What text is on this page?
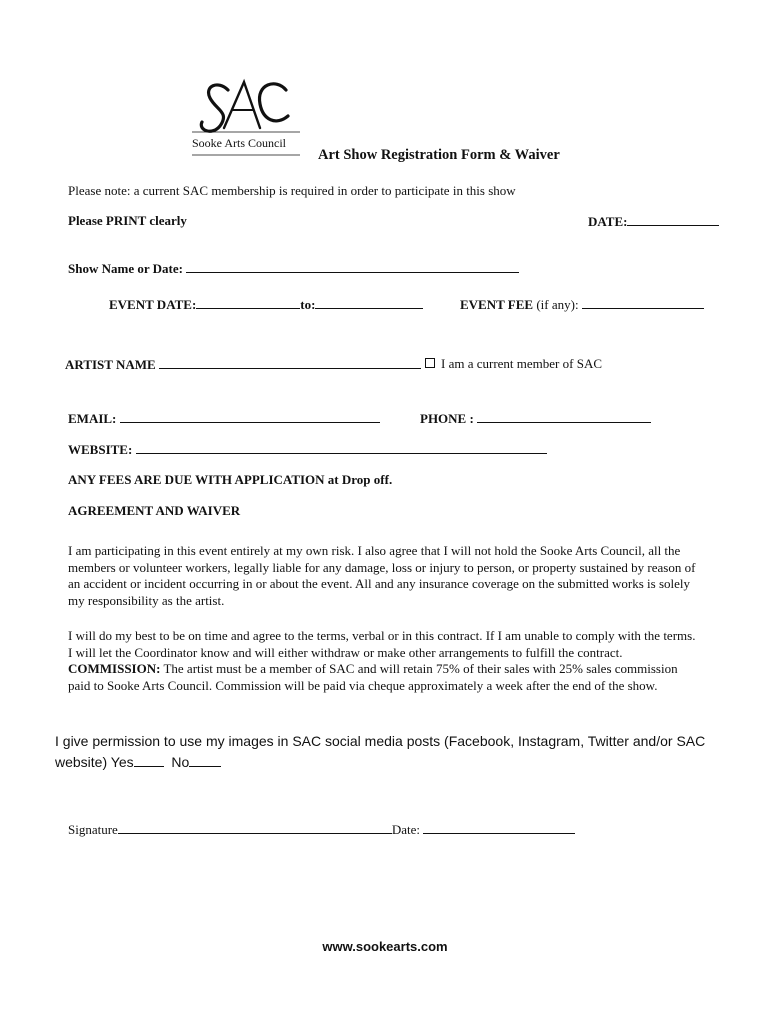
Sooke Arts Council
Art Show Registration Form & Waiver
Please note: a current SAC membership is required in order to participate in this show
Please PRINT clearly	DATE:
Show Name or Date:
EVENT DATE:	to:	EVENT FEE (if any):
ARTIST NAME	I am a current member of SAC
EMAIL:	PHONE :
WEBSITE:
ANY FEES ARE DUE WITH APPLICATION at Drop off.
AGREEMENT AND WAIVER
I am participating in this event entirely at my own risk. I also agree that I will not hold the Sooke Arts Council, all the members or volunteer workers, legally liable for any damage, loss or injury to person, or property sustained by reason of an accident or incident occurring in or about the event. All and any insurance coverage on the submitted works is solely my responsibility as the artist.
I will do my best to be on time and agree to the terms, verbal or in this contract. If I am unable to comply with the terms. I will let the Coordinator know and will either withdraw or make other arrangements to fulfill the contract. COMMISSION: The artist must be a member of SAC and will retain 75% of their sales with 25% sales commission paid to Sooke Arts Council. Commission will be paid via cheque approximately a week after the end of the show.
I give permission to use my images in SAC social media posts (Facebook, Instagram, Twitter and/or SAC website) Yes	No
Signature	Date:
www.sookearts.com
